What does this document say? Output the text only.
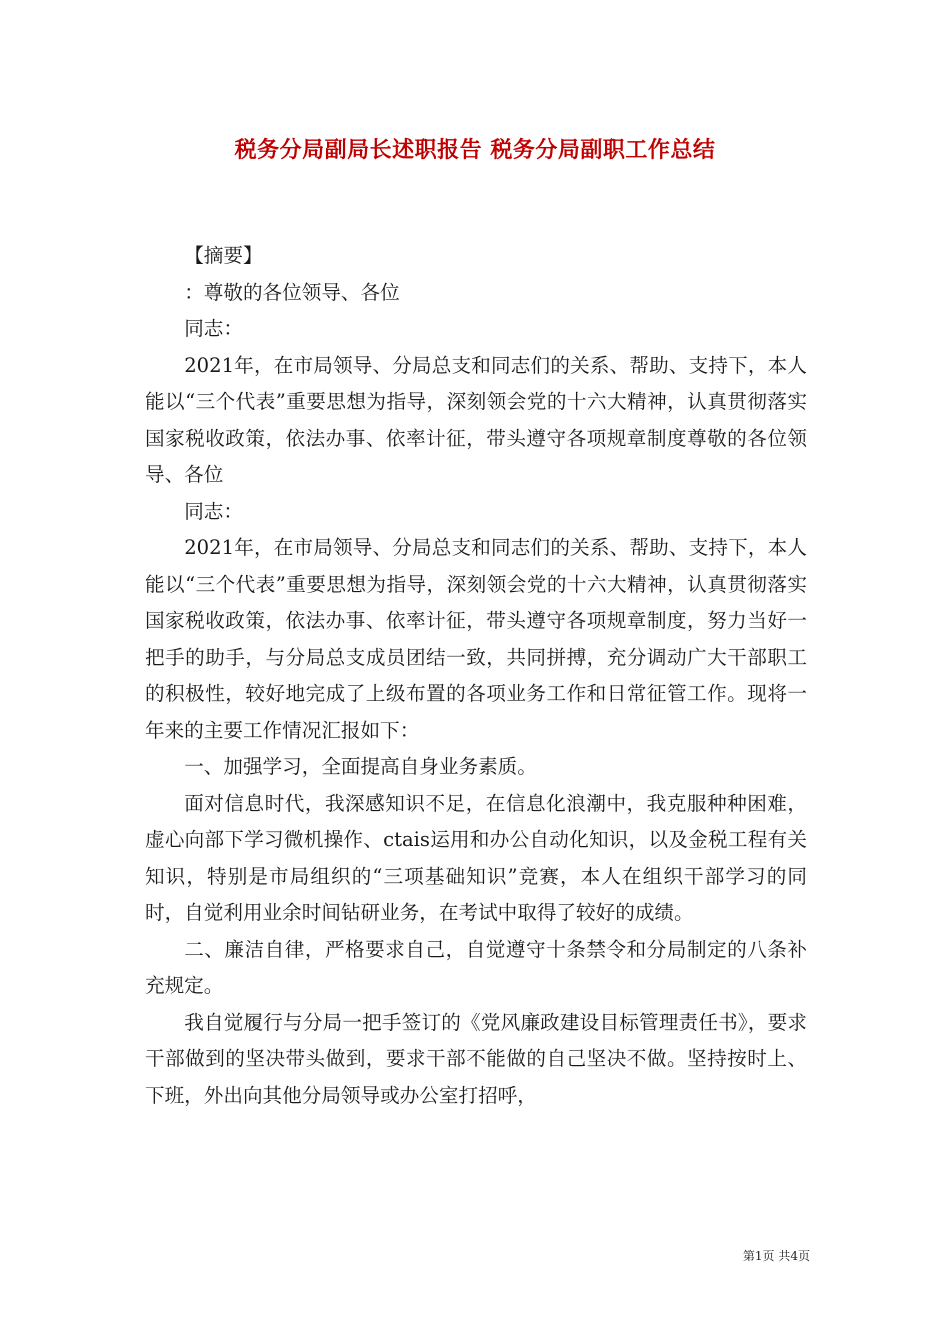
税务分局副局长述职报告 税务分局副职工作总结

【摘要】

：尊敬的各位领导、各位

同志：

2021年，在市局领导、分局总支和同志们的关系、帮助、支持下，本人能以“三个代表”重要思想为指导，深刻领会党的十六大精神，认真贯彻落实国家税收政策，依法办事、依率计征，带头遵守各项规章制度尊敬的各位领导、各位

同志：

2021年，在市局领导、分局总支和同志们的关系、帮助、支持下，本人能以“三个代表”重要思想为指导，深刻领会党的十六大精神，认真贯彻落实国家税收政策，依法办事、依率计征，带头遵守各项规章制度，努力当好一把手的助手，与分局总支成员团结一致，共同拼搏，充分调动广大干部职工的积极性，较好地完成了上级布置的各项业务工作和日常征管工作。现将一年来的主要工作情况汇报如下：

一、加强学习，全面提高自身业务素质。

面对信息时代，我深感知识不足，在信息化浪潮中，我克服种种困难，虚心向部下学习微机操作、ctais运用和办公自动化知识，以及金税工程有关知识，特别是市局组织的“三项基础知识”竞赛，本人在组织干部学习的同时，自觉利用业余时间钻研业务，在考试中取得了较好的成绩。

二、廉洁自律，严格要求自己，自觉遵守十条禁令和分局制定的八条补充规定。

我自觉履行与分局一把手签订的《党风廉政建设目标管理责任书》，要求干部做到的坚决带头做到，要求干部不能做的自己坚决不做。坚持按时上、下班，外出向其他分局领导或办公室打招呼，

第1页 共4页
